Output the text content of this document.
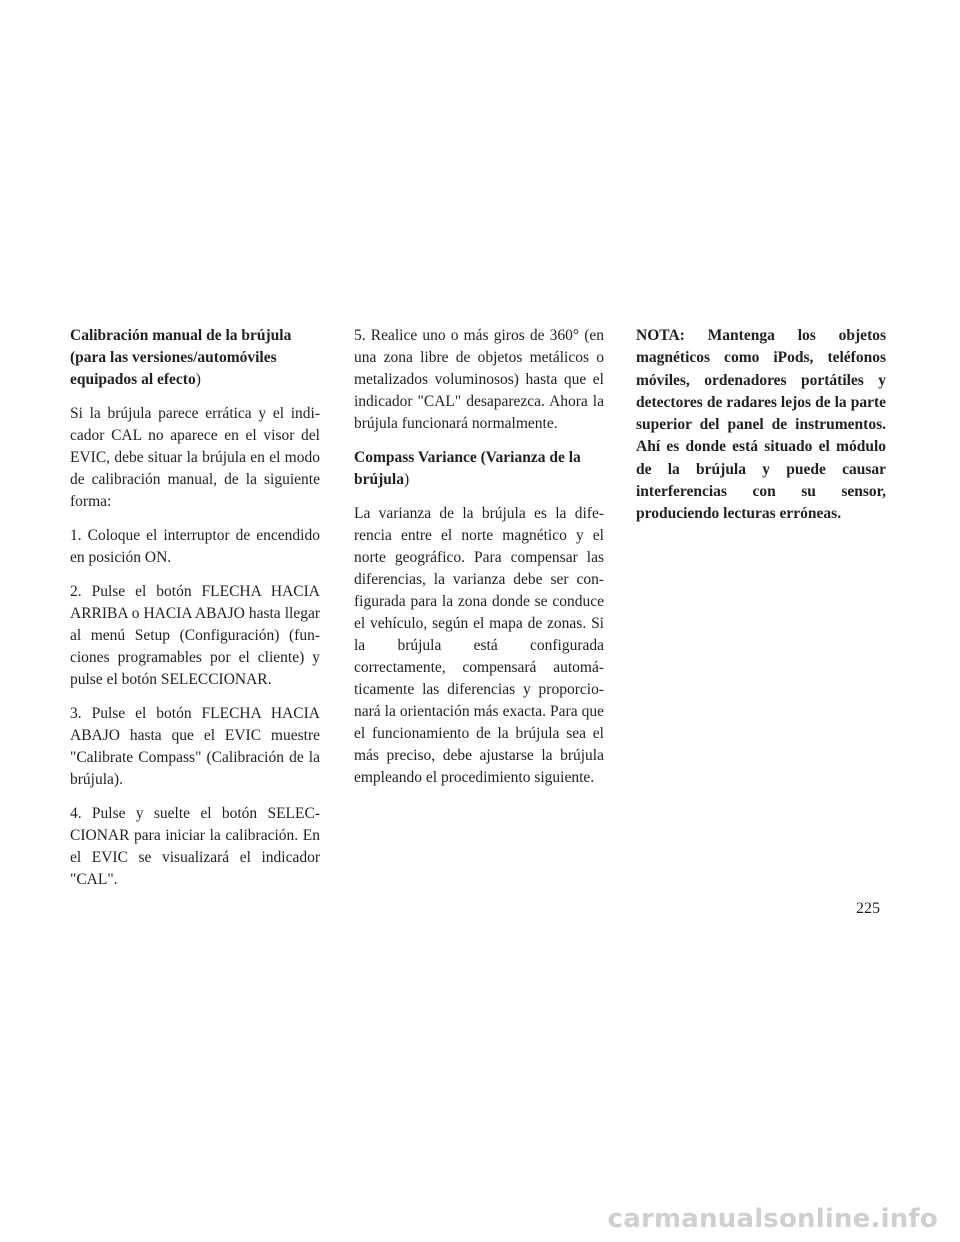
Calibración manual de la brújula (para las versiones/automóviles equipados al efecto)

Si la brújula parece errática y el indicador CAL no aparece en el visor del EVIC, debe situar la brújula en el modo de calibración manual, de la siguiente forma:

1. Coloque el interruptor de encendido en posición ON.

2. Pulse el botón FLECHA HACIA ARRIBA o HACIA ABAJO hasta llegar al menú Setup (Configuración) (funciones programables por el cliente) y pulse el botón SELECCIONAR.

3. Pulse el botón FLECHA HACIA ABAJO hasta que el EVIC muestre "Calibrate Compass" (Calibración de la brújula).

4. Pulse y suelte el botón SELECCIONAR para iniciar la calibración. En el EVIC se visualizará el indicador "CAL".

5. Realice uno o más giros de 360° (en una zona libre de objetos metálicos o metalizados voluminosos) hasta que el indicador "CAL" desaparezca. Ahora la brújula funcionará normalmente.

Compass Variance (Varianza de la brújula)

La varianza de la brújula es la diferencia entre el norte magnético y el norte geográfico. Para compensar las diferencias, la varianza debe ser configurada para la zona donde se conduce el vehículo, según el mapa de zonas. Si la brújula está configurada correctamente, compensará automáticamente las diferencias y proporcionará la orientación más exacta. Para que el funcionamiento de la brújula sea el más preciso, debe ajustarse la brújula empleando el procedimiento siguiente.

NOTA: Mantenga los objetos magnéticos como iPods, teléfonos móviles, ordenadores portátiles y detectores de radares lejos de la parte superior del panel de instrumentos. Ahí es donde está situado el módulo de la brújula y puede causar interferencias con su sensor, produciendo lecturas erróneas.

225
carmanualsonline.info
